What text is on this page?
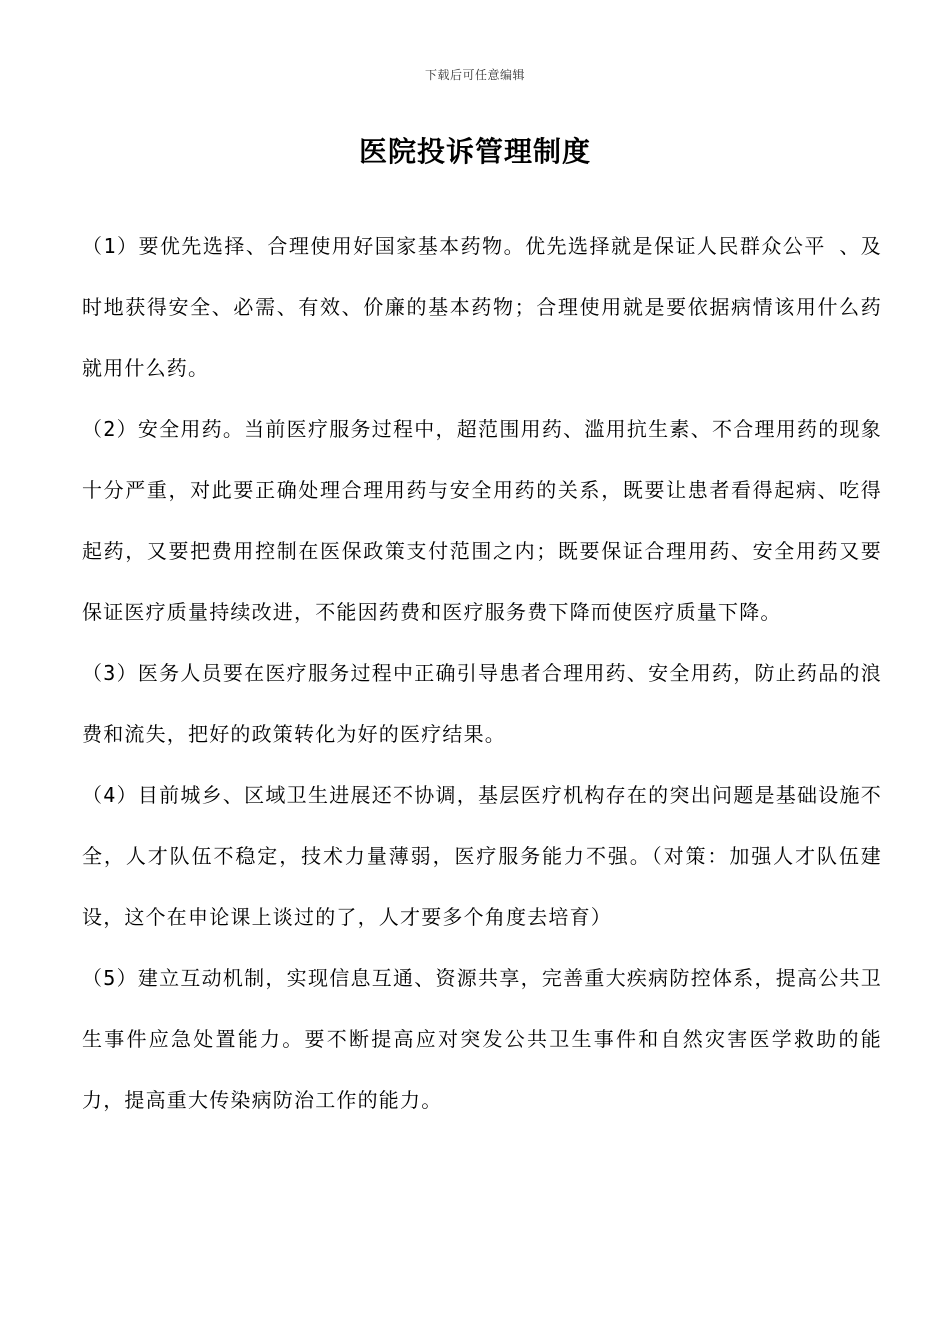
下载后可任意编辑
医院投诉管理制度

（1）要优先选择、合理使用好国家基本药物。优先选择就是保证人民群众公平 、及时地获得安全、必需、有效、价廉的基本药物；合理使用就是要依据病情该用什么药就用什么药。

（2）安全用药。当前医疗服务过程中，超范围用药、滥用抗生素、不合理用药的现象十分严重，对此要正确处理合理用药与安全用药的关系，既要让患者看得起病、吃得起药，又要把费用控制在医保政策支付范围之内；既要保证合理用药、安全用药又要保证医疗质量持续改进，不能因药费和医疗服务费下降而使医疗质量下降。

（3）医务人员要在医疗服务过程中正确引导患者合理用药、安全用药，防止药品的浪费和流失，把好的政策转化为好的医疗结果。

（4）目前城乡、区域卫生进展还不协调，基层医疗机构存在的突出问题是基础设施不全，人才队伍不稳定，技术力量薄弱，医疗服务能力不强。（对策：加强人才队伍建设，这个在申论课上谈过的了，人才要多个角度去培育）

（5）建立互动机制，实现信息互通、资源共享，完善重大疾病防控体系，提高公共卫生事件应急处置能力。要不断提高应对突发公共卫生事件和自然灾害医学救助的能力，提高重大传染病防治工作的能力。
